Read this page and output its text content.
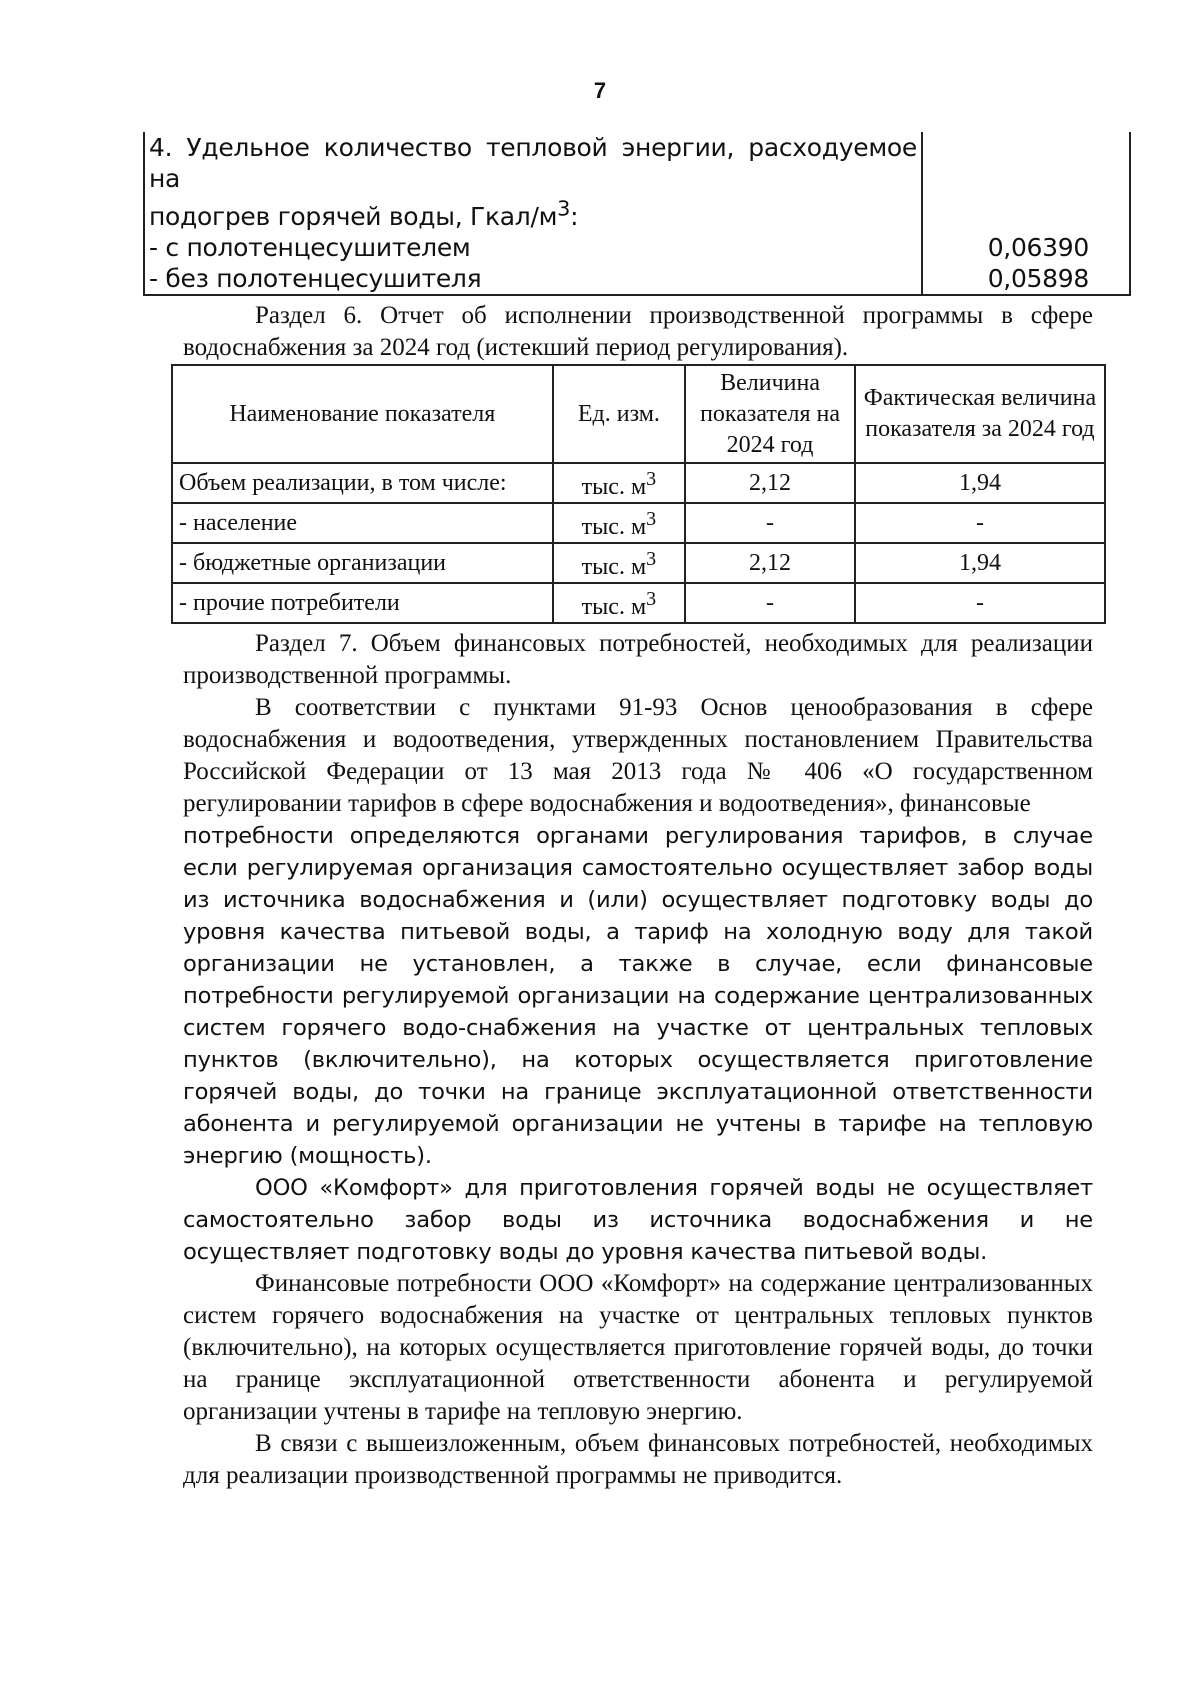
7
4. Удельное количество тепловой энергии, расходуемое на
подогрев горячей воды, Гкал/$м^3$:	
- с полотенцесушителем	0,06390
- без полотенцесушителя	0,05898
Раздел 6. Отчет об исполнении производственной программы в сфере водоснабжения за 2024 год (истекший период регулирования).
Наименование показателя	Ед. изм.	Величина показателя на 2024 год	Фактическая величина показателя за 2024 год
Объем реализации, в том числе:	тыс. $м^3$	2,12	1,94
- население	тыс. $м^3$	-	-
- бюджетные организации	тыс. $м^3$	2,12	1,94
- прочие потребители	тыс. $м^3$	-	-

Раздел 7. Объем финансовых потребностей, необходимых для реализации производственной программы.

В соответствии с пунктами 91-93 Основ ценообразования в сфере водоснабжения и водоотведения, утвержденных постановлением Правительства Российской Федерации от 13 мая 2013 года № 406 «О государственном регулировании тарифов в сфере водоснабжения и водоотведения», финансовые

потребности определяются органами регулирования тарифов, в случае если регулируемая организация самостоятельно осуществляет забор воды из источника водоснабжения и (или) осуществляет подготовку воды до уровня качества питьевой воды, а тариф на холодную воду для такой организации не установлен, а также в случае, если финансовые потребности регулируемой организации на содержание централизованных систем горячего водо-снабжения на участке от центральных тепловых пунктов (включительно), на которых осуществляется приготовление горячей воды, до точки на границе эксплуатационной ответственности абонента и регулируемой организации не учтены в тарифе на тепловую энергию (мощность).

ООО «Комфорт» для приготовления горячей воды не осуществляет самостоятельно забор воды из источника водоснабжения и не осуществляет подготовку воды до уровня качества питьевой воды.

Финансовые потребности ООО «Комфорт» на содержание централизованных систем горячего водоснабжения на участке от центральных тепловых пунктов (включительно), на которых осуществляется приготовление горячей воды, до точки на границе эксплуатационной ответственности абонента и регулируемой организации учтены в тарифе на тепловую энергию.

В связи с вышеизложенным, объем финансовых потребностей, необходимых для реализации производственной программы не приводится.
